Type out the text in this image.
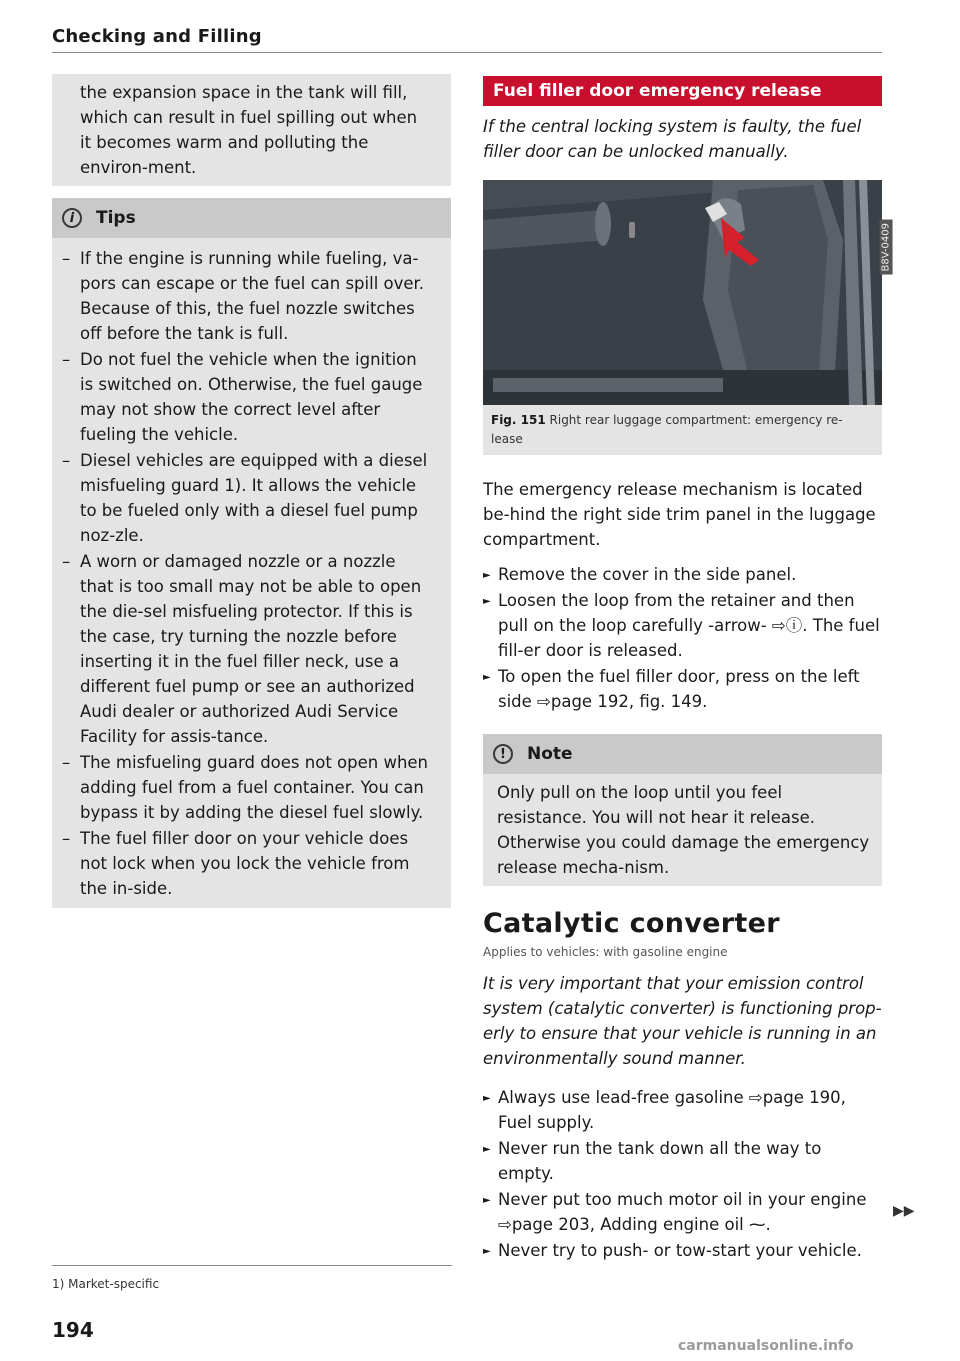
Checking and Filling
the expansion space in the tank will fill, which can result in fuel spilling out when it becomes warm and polluting the environ-ment.
i	Tips
– If the engine is running while fueling, va-pors can escape or the fuel can spill over. Because of this, the fuel nozzle switches off before the tank is full.
– Do not fuel the vehicle when the ignition is switched on. Otherwise, the fuel gauge may not show the correct level after fueling the vehicle.
– Diesel vehicles are equipped with a diesel misfueling guard 1). It allows the vehicle to be fueled only with a diesel fuel pump noz-zle.
– A worn or damaged nozzle or a nozzle that is too small may not be able to open the die-sel misfueling protector. If this is the case, try turning the nozzle before inserting it in the fuel filler neck, use a different fuel pump or see an authorized Audi dealer or authorized Audi Service Facility for assis-tance.
– The misfueling guard does not open when adding fuel from a fuel container. You can bypass it by adding the diesel fuel slowly.
– The fuel filler door on your vehicle does not lock when you lock the vehicle from the in-side.
1) Market-specific
194
Fuel filler door emergency release

If the central locking system is faulty, the fuel filler door can be unlocked manually.

B8V-0409
Fig. 151 Right rear luggage compartment: emergency re-lease

The emergency release mechanism is located be-hind the right side trim panel in the luggage compartment.

► Remove the cover in the side panel.
► Loosen the loop from the retainer and then pull on the loop carefully -arrow- ⇨ⓘ. The fuel fill-er door is released.
► To open the fuel filler door, press on the left side ⇨page 192, fig. 149.
!	Note
Only pull on the loop until you feel resistance. You will not hear it release. Otherwise you could damage the emergency release mecha-nism.
Catalytic converter
Applies to vehicles: with gasoline engine

It is very important that your emission control system (catalytic converter) is functioning prop-erly to ensure that your vehicle is running in an environmentally sound manner.

► Always use lead-free gasoline ⇨page 190, Fuel supply.
► Never run the tank down all the way to empty.
► Never put too much motor oil in your engine ⇨page 203, Adding engine oil ⁓.
► Never try to push- or tow-start your vehicle.
▶▶
carmanualsonline.info
